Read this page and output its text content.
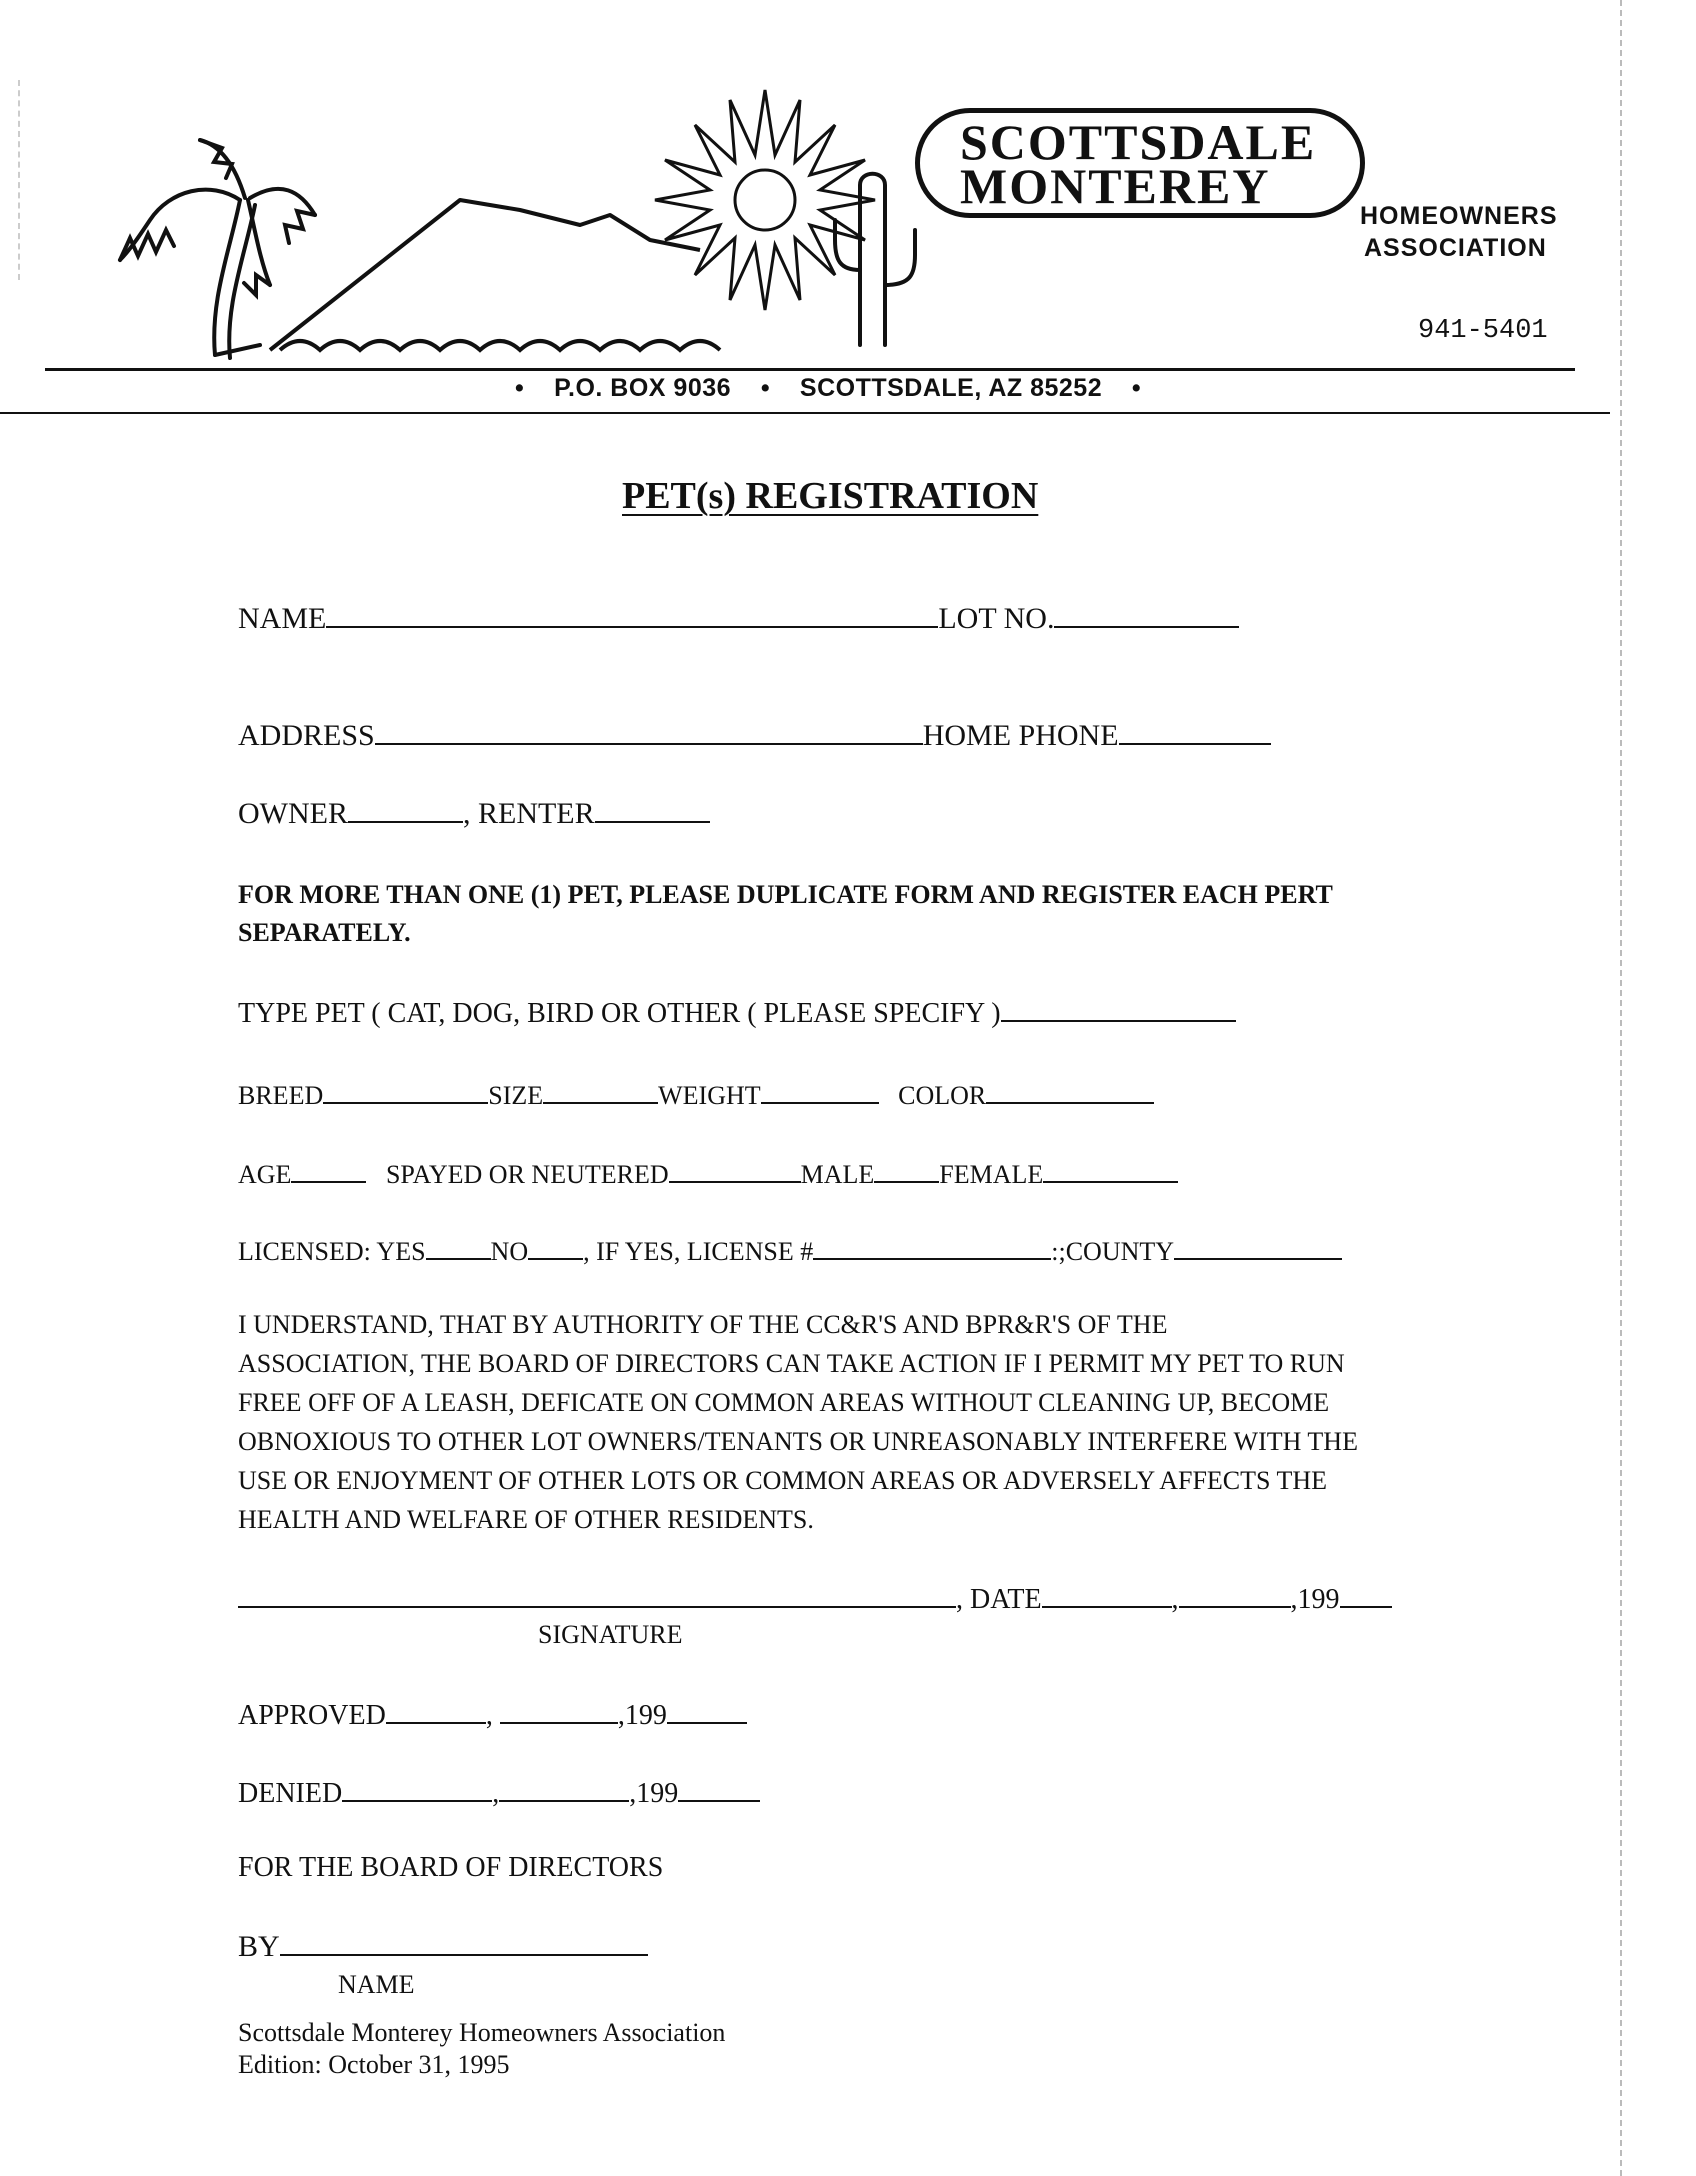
SCOTTSDALE
MONTEREY
HOMEOWNERS
ASSOCIATION
941-5401
• P.O. BOX 9036 • SCOTTSDALE, AZ 85252 •
PET(s) REGISTRATION
NAME	LOT NO.
ADDRESS	HOME PHONE
OWNER	, RENTER
FOR MORE THAN ONE (1) PET, PLEASE DUPLICATE FORM AND REGISTER EACH PERT
SEPARATELY.
TYPE PET ( CAT, DOG, BIRD OR OTHER ( PLEASE SPECIFY )
BREED	SIZE	WEIGHT	COLOR
AGE	SPAYED OR NEUTERED	MALE	FEMALE
LICENSED: YES	NO , IF YES, LICENSE #	:;COUNTY
I UNDERSTAND, THAT BY AUTHORITY OF THE CC&R'S AND BPR&R'S OF THE
ASSOCIATION, THE BOARD OF DIRECTORS CAN TAKE ACTION IF I PERMIT MY PET TO RUN
FREE OFF OF A LEASH, DEFICATE ON COMMON AREAS WITHOUT CLEANING UP, BECOME
OBNOXIOUS TO OTHER LOT OWNERS/TENANTS OR UNREASONABLY INTERFERE WITH THE
USE OR ENJOYMENT OF OTHER LOTS OR COMMON AREAS OR ADVERSELY AFFECTS THE
HEALTH AND WELFARE OF OTHER RESIDENTS.
, DATE	,	,199
SIGNATURE
APPROVED	,	,199
DENIED	,	,199
FOR THE BOARD OF DIRECTORS
BY
NAME
Scottsdale Monterey Homeowners Association
Edition: October 31, 1995
